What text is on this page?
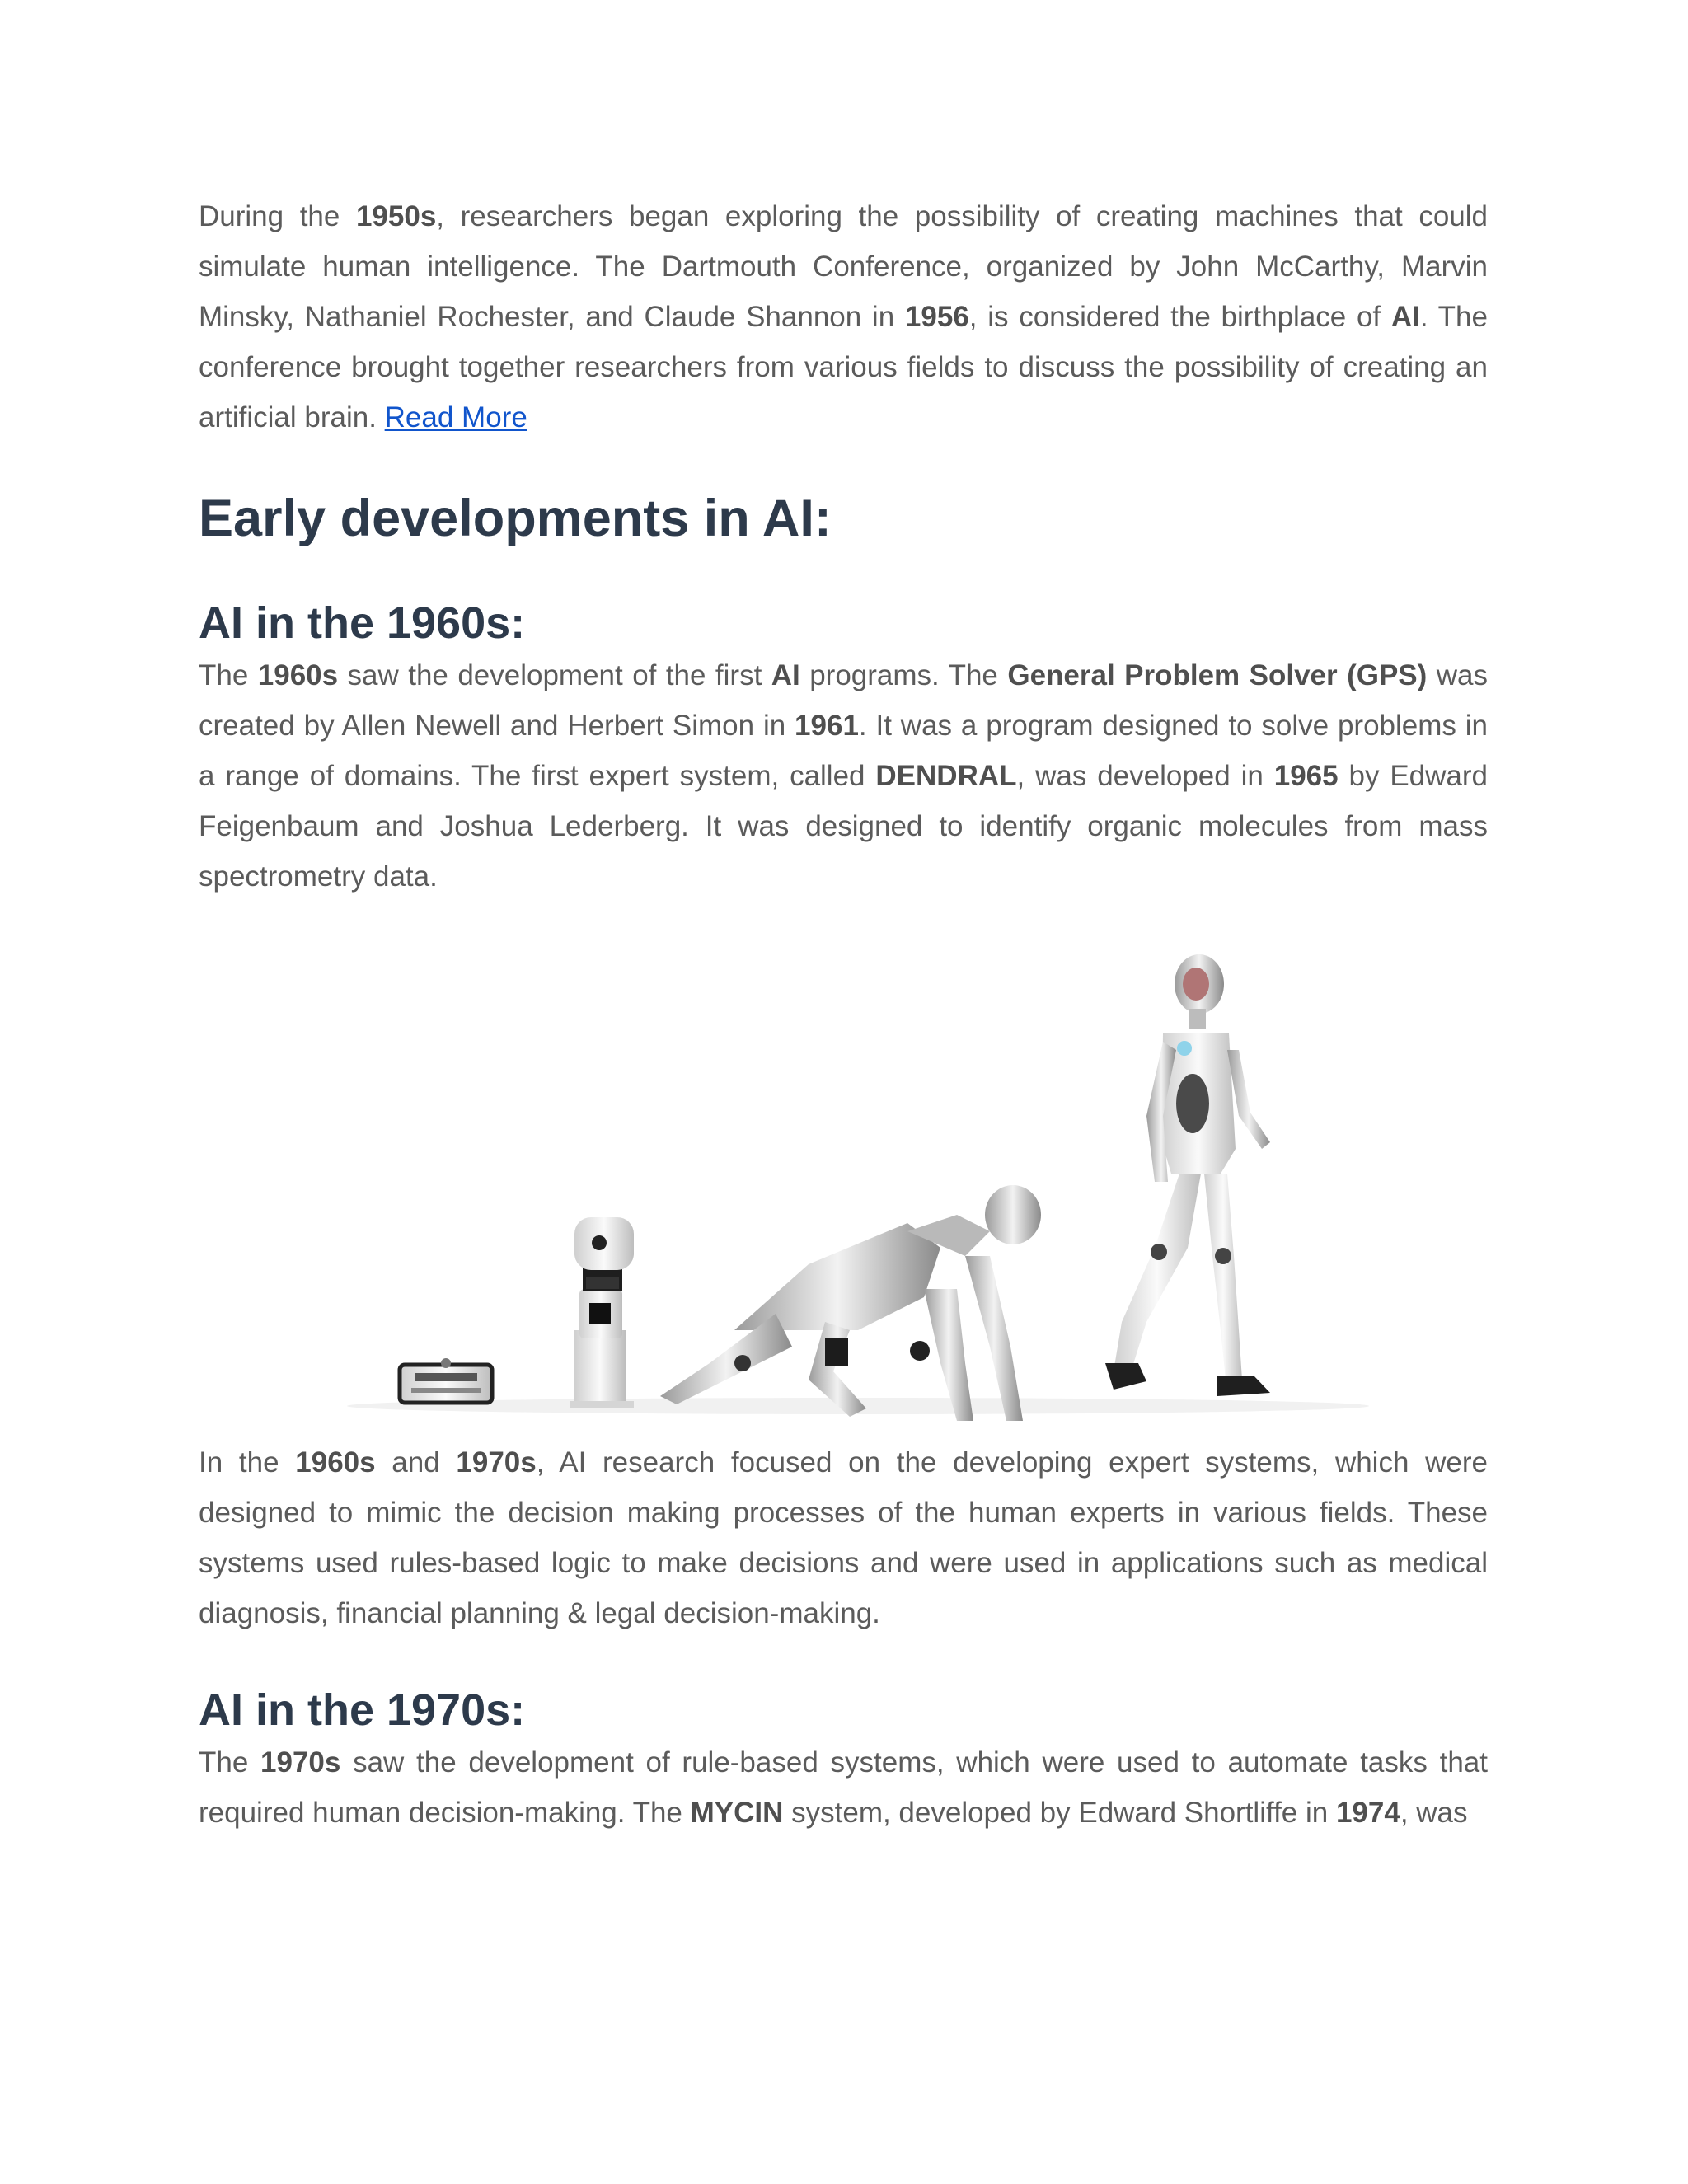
During the 1950s, researchers began exploring the possibility of creating machines that could simulate human intelligence. The Dartmouth Conference, organized by John McCarthy, Marvin Minsky, Nathaniel Rochester, and Claude Shannon in 1956, is considered the birthplace of AI. The conference brought together researchers from various fields to discuss the possibility of creating an artificial brain. Read More

Early developments in AI:
AI in the 1960s:

The 1960s saw the development of the first AI programs. The General Problem Solver (GPS) was created by Allen Newell and Herbert Simon in 1961. It was a program designed to solve problems in a range of domains. The first expert system, called DENDRAL, was developed in 1965 by Edward Feigenbaum and Joshua Lederberg. It was designed to identify organic molecules from mass spectrometry data.

In the 1960s and 1970s, AI research focused on the developing expert systems, which were designed to mimic the decision making processes of the human experts in various fields. These systems used rules-based logic to make decisions and were used in applications such as medical diagnosis, financial planning & legal decision-making.

AI in the 1970s:

The 1970s saw the development of rule-based systems, which were used to automate tasks that required human decision-making. The MYCIN system, developed by Edward Shortliffe in 1974, was
